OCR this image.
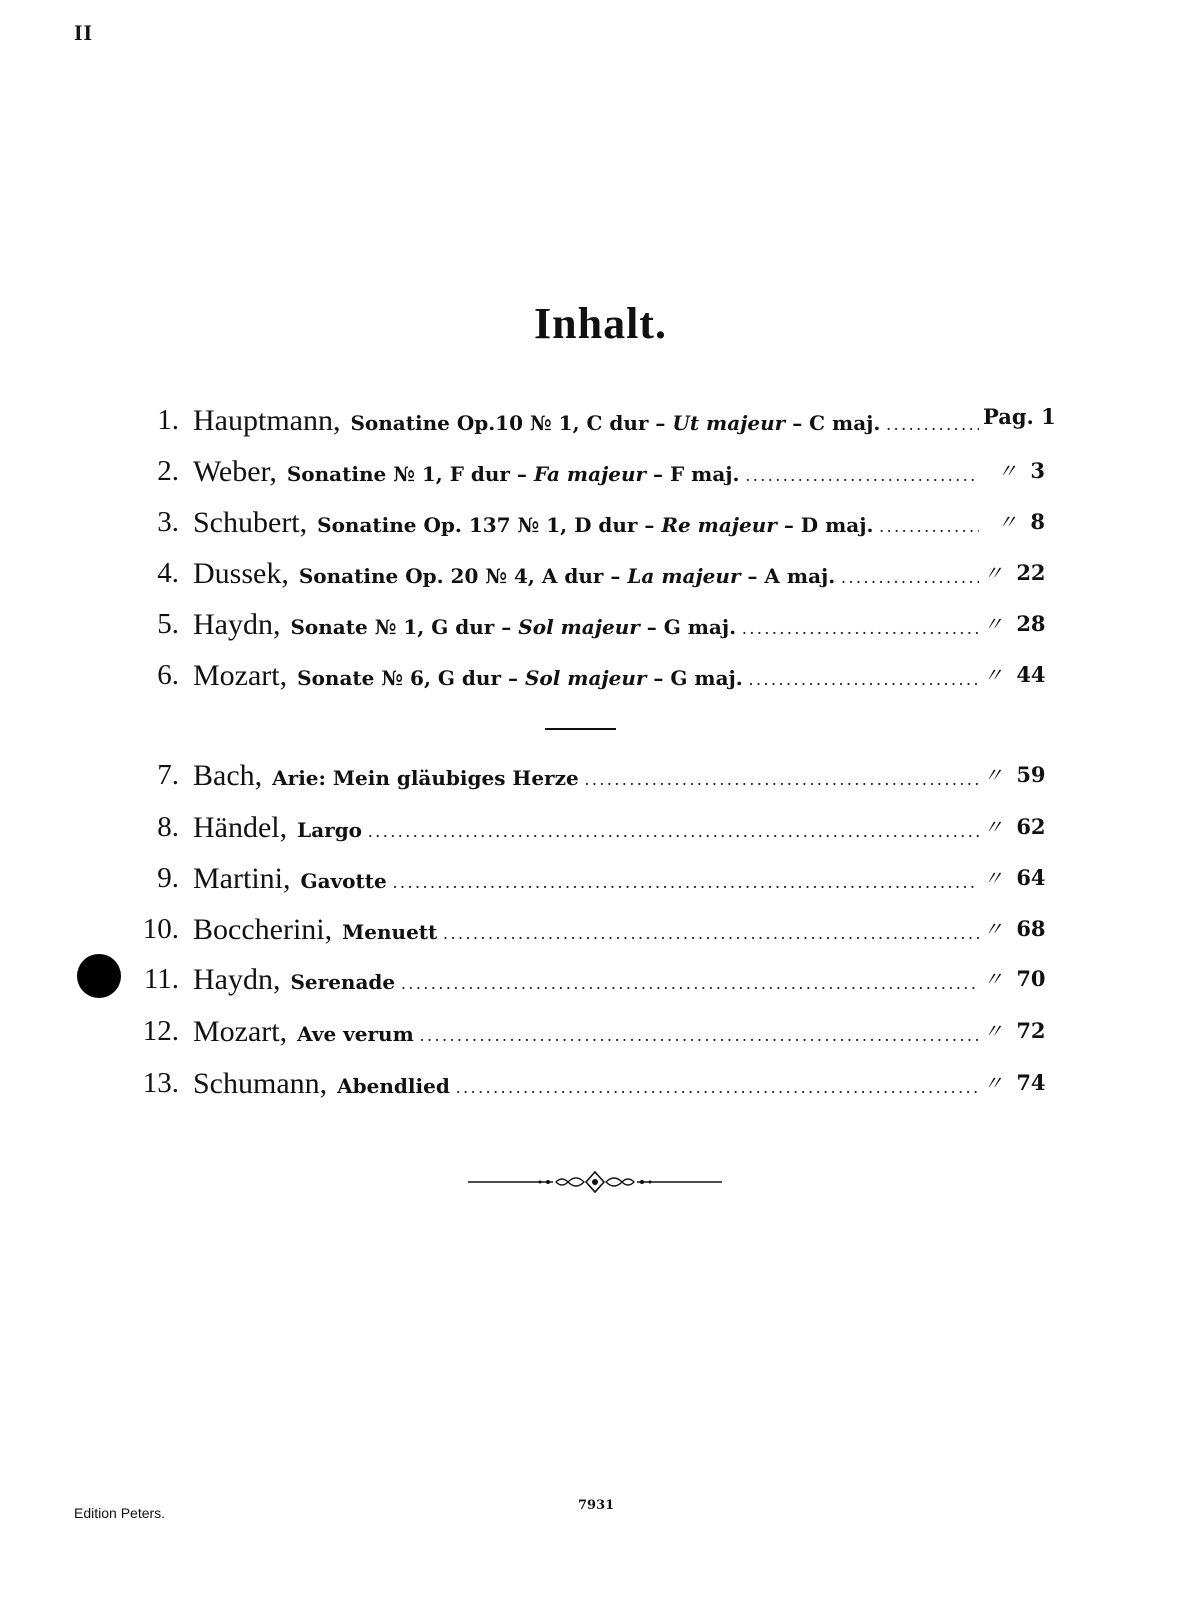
II
Inhalt.
1. Hauptmann, Sonatine Op.10 № 1, C dur – Ut majeur – C maj. .....	Pag. 1
2. Weber, Sonatine № 1, F dur – Fa majeur – F maj. .....	〃 3
3. Schubert, Sonatine Op. 137 № 1, D dur – Re majeur – D maj. .....	〃 8
4. Dussek, Sonatine Op. 20 № 4, A dur – La majeur – A maj. .....	〃 22
5. Haydn, Sonate № 1, G dur – Sol majeur – G maj. .....	〃 28
6. Mozart, Sonate № 6, G dur – Sol majeur – G maj. .....	〃 44
7. Bach, Arie: Mein gläubiges Herze .....	〃 59
8. Händel, Largo .....	〃 62
9. Martini, Gavotte .....	〃 64
10. Boccherini, Menuett .....	〃 68
11. Haydn, Serenade .....	〃 70
12. Mozart, Ave verum .....	〃 72
13. Schumann, Abendlied .....	〃 74
Edition Peters.	7931
